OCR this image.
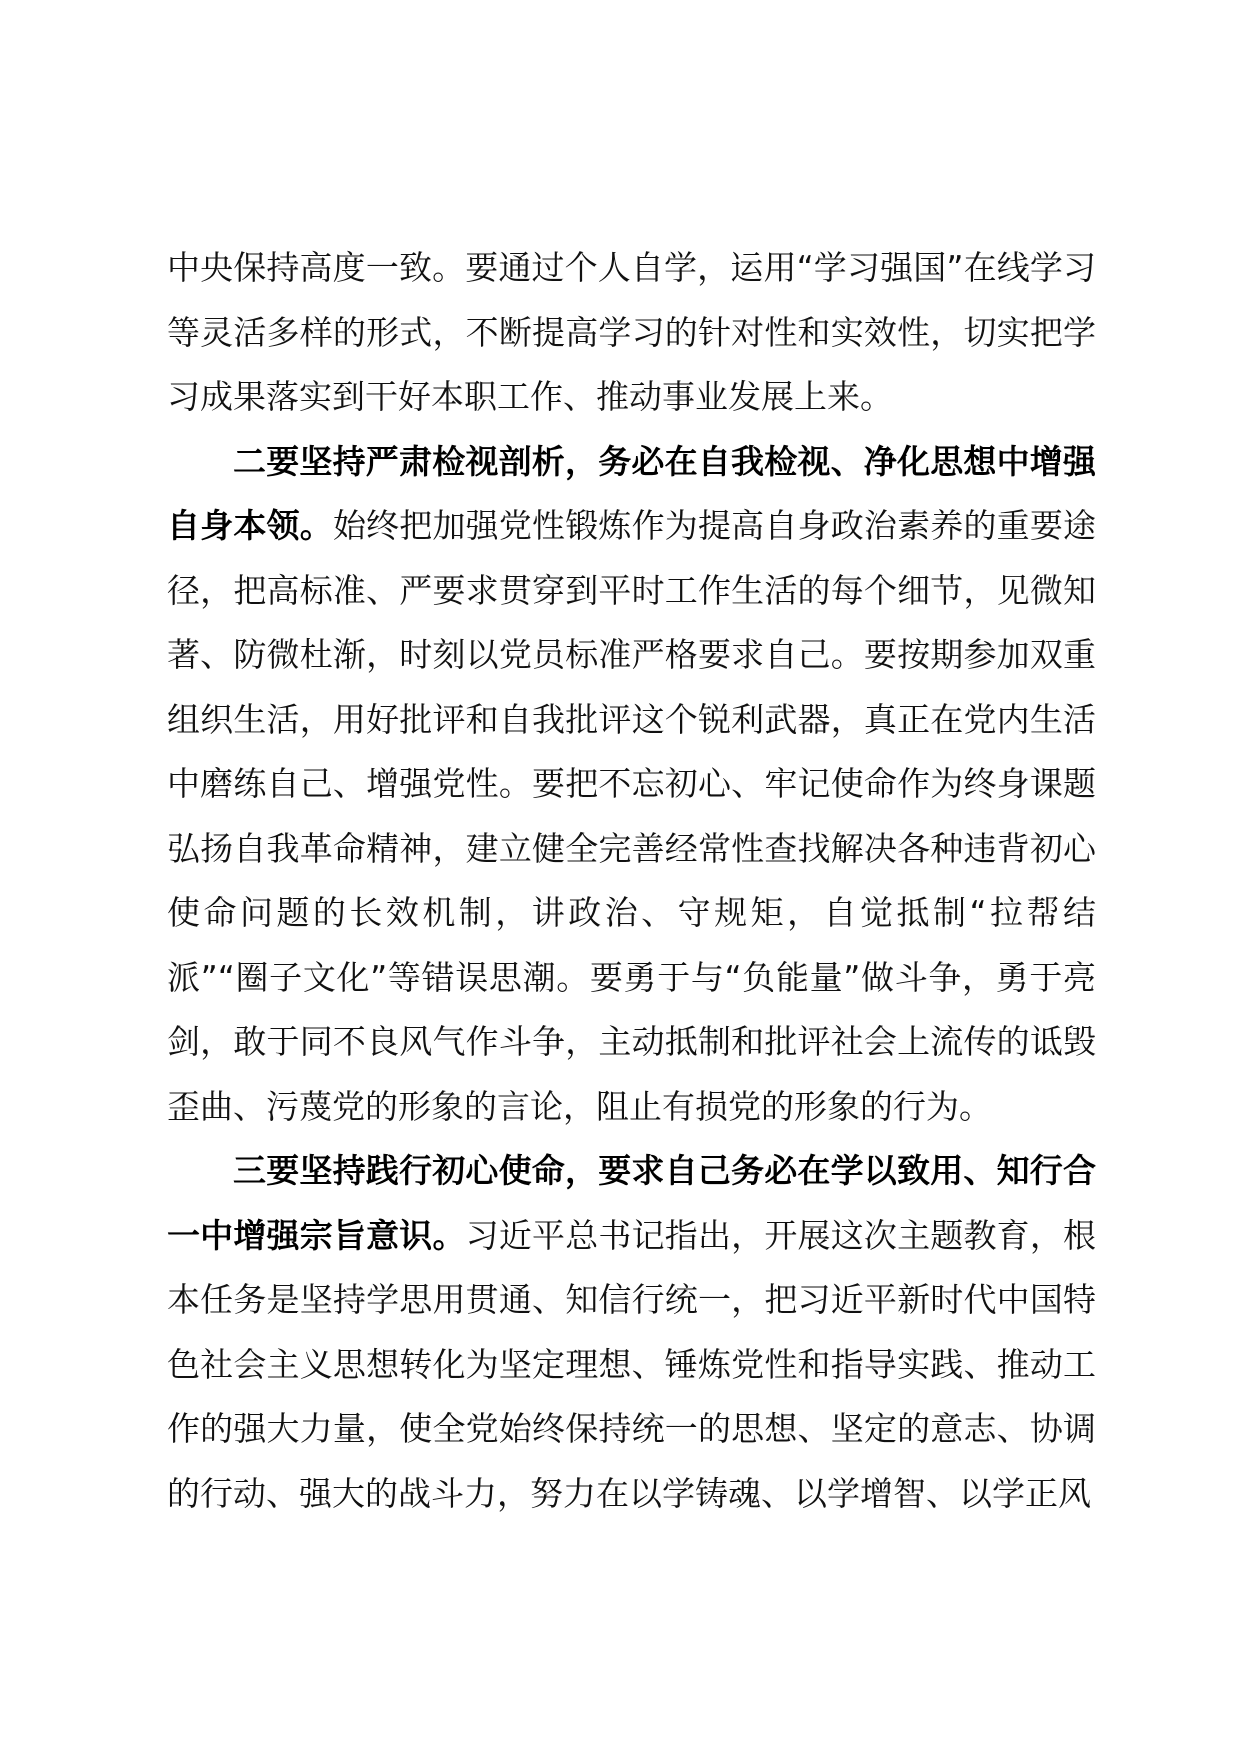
中央保持高度一致。要通过个人自学，运用“学习强国”在线学习等灵活多样的形式，不断提高学习的针对性和实效性，切实把学习成果落实到干好本职工作、推动事业发展上来。

二要坚持严肃检视剖析，务必在自我检视、净化思想中增强自身本领。始终把加强党性锻炼作为提高自身政治素养的重要途径，把高标准、严要求贯穿到平时工作生活的每个细节，见微知著、防微杜渐，时刻以党员标准严格要求自己。要按期参加双重组织生活，用好批评和自我批评这个锐利武器，真正在党内生活中磨练自己、增强党性。要把不忘初心、牢记使命作为终身课题弘扬自我革命精神，建立健全完善经常性查找解决各种违背初心使命问题的长效机制，讲政治、守规矩，自觉抵制“拉帮结派”“圈子文化”等错误思潮。要勇于与“负能量”做斗争，勇于亮剑，敢于同不良风气作斗争，主动抵制和批评社会上流传的诋毁歪曲、污蔑党的形象的言论，阻止有损党的形象的行为。

三要坚持践行初心使命，要求自己务必在学以致用、知行合一中增强宗旨意识。习近平总书记指出，开展这次主题教育，根本任务是坚持学思用贯通、知信行统一，把习近平新时代中国特色社会主义思想转化为坚定理想、锤炼党性和指导实践、推动工作的强大力量，使全党始终保持统一的思想、坚定的意志、协调的行动、强大的战斗力，努力在以学铸魂、以学增智、以学正风
